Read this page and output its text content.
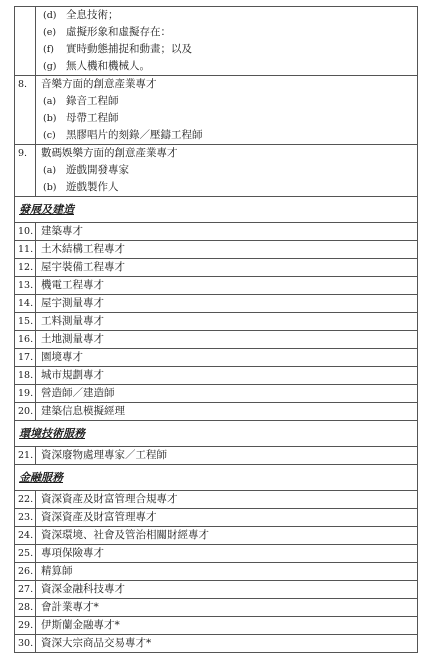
(d) 全息技術；
(e) 虛擬形象和虛擬存在：
(f)	實時動態捕捉和動畫；以及
(g) 無人機和機械人。
8.	音樂方面的創意產業專才
(a) 錄音工程師
(b) 母帶工程師
(c) 黑膠唱片的刻錄／壓鑄工程師
9.	數碼娛樂方面的創意產業專才
(a) 遊戲開發專家
(b) 遊戲製作人
發展及建造
10. 建築專才
11. 土木結構工程專才
12. 屋宇裝備工程專才
13. 機電工程專才
14. 屋宇測量專才
15. 工料測量專才
16. 土地測量專才
17. 園境專才
18. 城市規劃專才
19. 營造師／建造師
20. 建築信息模擬經理
環境技術服務
21. 資深廢物處理專家／工程師
金融服務
22. 資深資產及財富管理合規專才
23. 資深資產及財富管理專才
24. 資深環境、社會及管治相關財經專才
25. 專項保險專才
26. 精算師
27. 資深金融科技專才
28. 會計業專才*
29. 伊斯蘭金融專才*
30. 資深大宗商品交易專才*
